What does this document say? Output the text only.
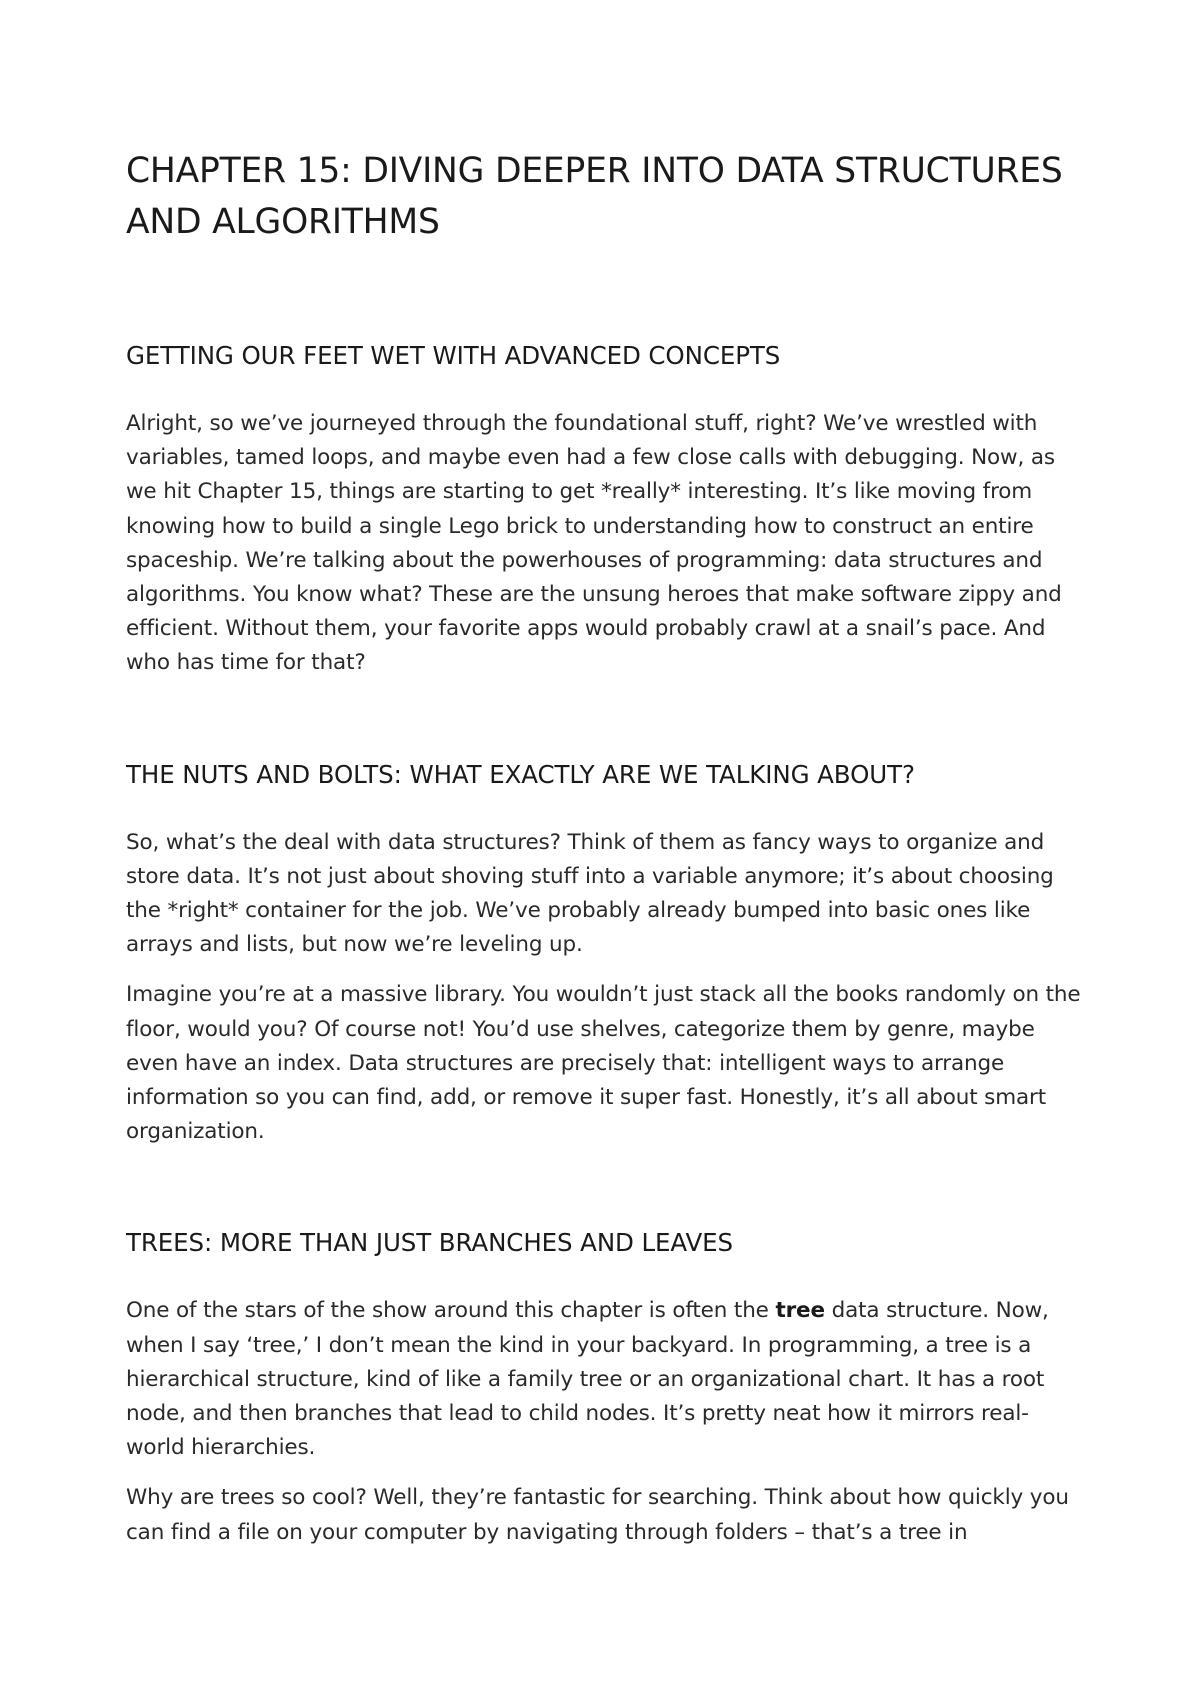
CHAPTER 15: DIVING DEEPER INTO DATA STRUCTURES AND ALGORITHMS
GETTING OUR FEET WET WITH ADVANCED CONCEPTS

Alright, so we’ve journeyed through the foundational stuff, right? We’ve wrestled with variables, tamed loops, and maybe even had a few close calls with debugging. Now, as we hit Chapter 15, things are starting to get *really* interesting. It’s like moving from knowing how to build a single Lego brick to understanding how to construct an entire spaceship. We’re talking about the powerhouses of programming: data structures and algorithms. You know what? These are the unsung heroes that make software zippy and efficient. Without them, your favorite apps would probably crawl at a snail’s pace. And who has time for that?

THE NUTS AND BOLTS: WHAT EXACTLY ARE WE TALKING ABOUT?

So, what’s the deal with data structures? Think of them as fancy ways to organize and store data. It’s not just about shoving stuff into a variable anymore; it’s about choosing the *right* container for the job. We’ve probably already bumped into basic ones like arrays and lists, but now we’re leveling up.

Imagine you’re at a massive library. You wouldn’t just stack all the books randomly on the floor, would you? Of course not! You’d use shelves, categorize them by genre, maybe even have an index. Data structures are precisely that: intelligent ways to arrange information so you can find, add, or remove it super fast. Honestly, it’s all about smart organization.

TREES: MORE THAN JUST BRANCHES AND LEAVES

One of the stars of the show around this chapter is often the tree data structure. Now, when I say ‘tree,’ I don’t mean the kind in your backyard. In programming, a tree is a hierarchical structure, kind of like a family tree or an organizational chart. It has a root node, and then branches that lead to child nodes. It’s pretty neat how it mirrors real-world hierarchies.

Why are trees so cool? Well, they’re fantastic for searching. Think about how quickly you can find a file on your computer by navigating through folders – that’s a tree in
